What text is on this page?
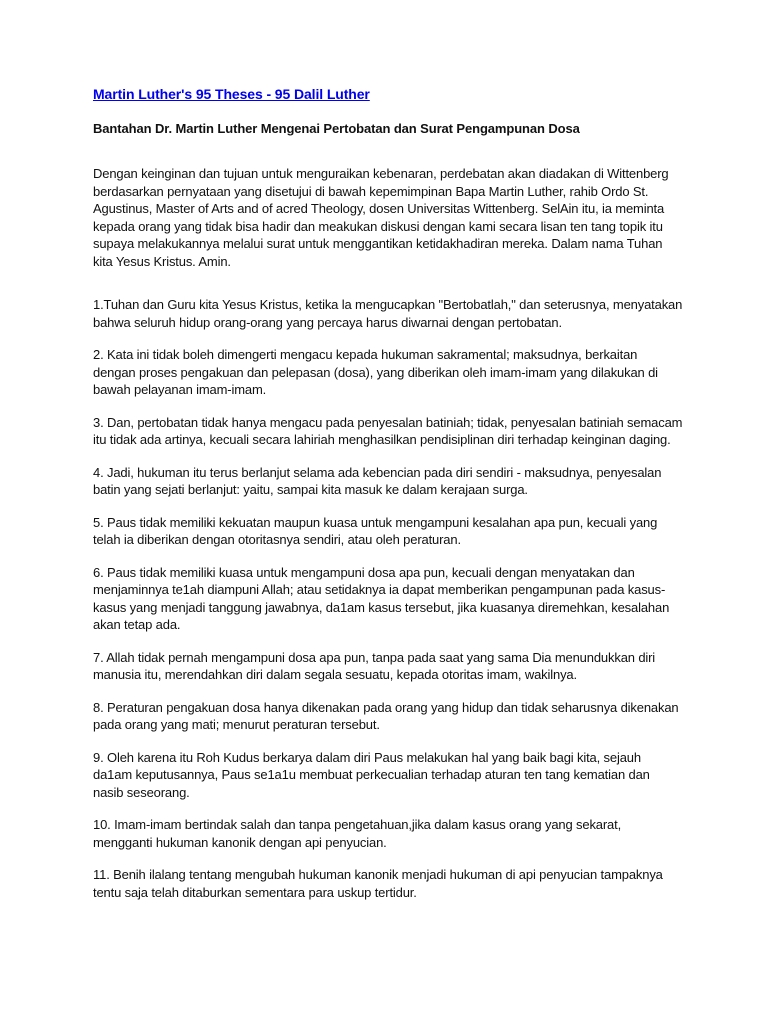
Martin Luther's 95 Theses - 95 Dalil Luther
Bantahan Dr. Martin Luther Mengenai Pertobatan dan Surat Pengampunan Dosa

Dengan keinginan dan tujuan untuk menguraikan kebenaran, perdebatan akan diadakan di Wittenberg berdasarkan pernyataan yang disetujui di bawah kepemimpinan Bapa Martin Luther, rahib Ordo St. Agustinus, Master of Arts and of acred Theology, dosen Universitas Wittenberg. SelAin itu, ia meminta kepada orang yang tidak bisa hadir dan meakukan diskusi dengan kami secara lisan ten tang topik itu supaya melakukannya melalui surat untuk menggantikan ketidakhadiran mereka. Dalam nama Tuhan kita Yesus Kristus. Amin.

1.Tuhan dan Guru kita Yesus Kristus, ketika la mengucapkan "Bertobatlah," dan seterusnya, menyatakan bahwa seluruh hidup orang-orang yang percaya harus diwarnai dengan pertobatan.

2. Kata ini tidak boleh dimengerti mengacu kepada hukuman sakramental; maksudnya, berkaitan dengan proses pengakuan dan pelepasan (dosa), yang diberikan oleh imam-imam yang dilakukan di bawah pelayanan imam-imam.

3. Dan, pertobatan tidak hanya mengacu pada penyesalan batiniah; tidak, penyesalan batiniah semacam itu tidak ada artinya, kecuali secara lahiriah menghasilkan pendisiplinan diri terhadap keinginan daging.

4. Jadi, hukuman itu terus berlanjut selama ada kebencian pada diri sendiri - maksudnya, penyesalan batin yang sejati berlanjut: yaitu, sampai kita masuk ke dalam kerajaan surga.

5. Paus tidak memiliki kekuatan maupun kuasa untuk mengampuni kesalahan apa pun, kecuali yang telah ia diberikan dengan otoritasnya sendiri, atau oleh peraturan.

6. Paus tidak memiliki kuasa untuk mengampuni dosa apa pun, kecuali dengan menyatakan dan menjaminnya te1ah diampuni Allah; atau setidaknya ia dapat memberikan pengampunan pada kasus-kasus yang menjadi tanggung jawabnya, da1am kasus tersebut, jika kuasanya diremehkan, kesalahan akan tetap ada.

7. Allah tidak pernah mengampuni dosa apa pun, tanpa pada saat yang sama Dia menundukkan diri manusia itu, merendahkan diri dalam segala sesuatu, kepada otoritas imam, wakilnya.

8. Peraturan pengakuan dosa hanya dikenakan pada orang yang hidup dan tidak seharusnya dikenakan pada orang yang mati; menurut peraturan tersebut.

9. Oleh karena itu Roh Kudus berkarya dalam diri Paus melakukan hal yang baik bagi kita, sejauh da1am keputusannya, Paus se1a1u membuat perkecualian terhadap aturan ten tang kematian dan nasib seseorang.

10. Imam-imam bertindak salah dan tanpa pengetahuan,jika dalam kasus orang yang sekarat, mengganti hukuman kanonik dengan api penyucian.

11. Benih ilalang tentang mengubah hukuman kanonik menjadi hukuman di api penyucian tampaknya tentu saja telah ditaburkan sementara para uskup tertidur.
